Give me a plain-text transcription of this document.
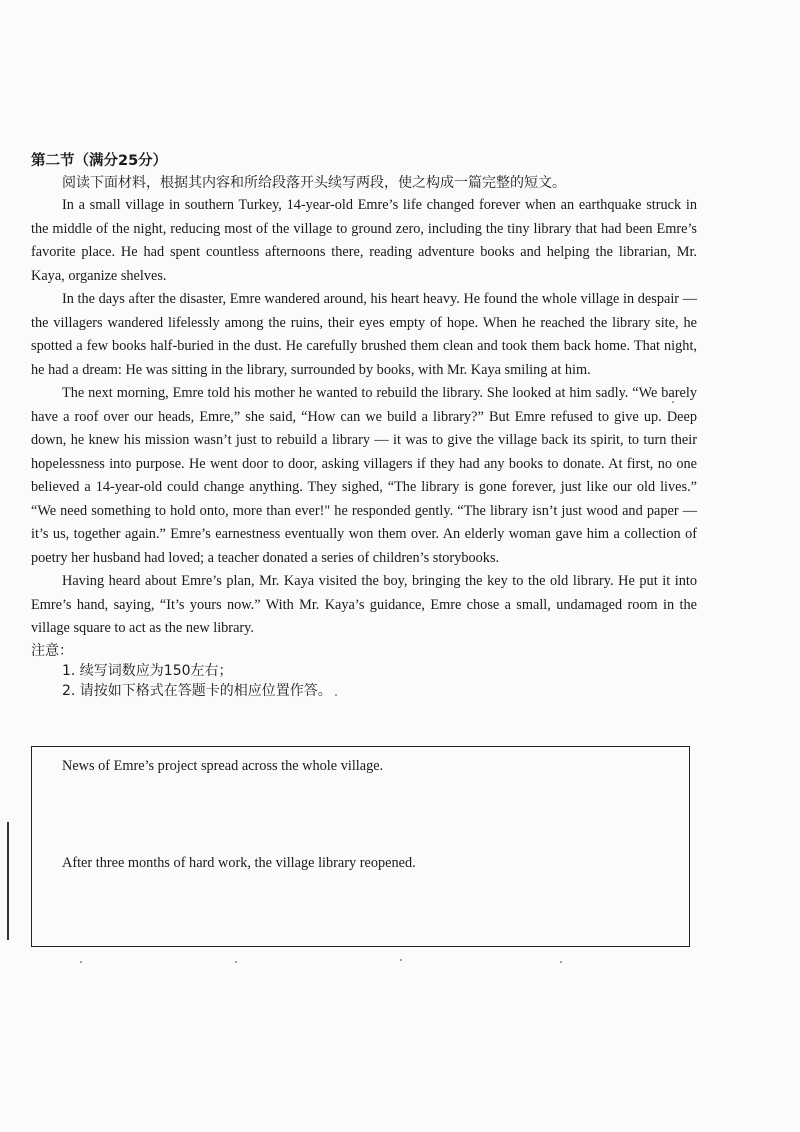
第二节（满分25分）
阅读下面材料，根据其内容和所给段落开头续写两段，使之构成一篇完整的短文。

In a small village in southern Turkey, 14-year-old Emre’s life changed forever when an earthquake struck in the middle of the night, reducing most of the village to ground zero, including the tiny library that had been Emre’s favorite place. He had spent countless afternoons there, reading adventure books and helping the librarian, Mr. Kaya, organize shelves.

In the days after the disaster, Emre wandered around, his heart heavy. He found the whole village in despair — the villagers wandered lifelessly among the ruins, their eyes empty of hope. When he reached the library site, he spotted a few books half-buried in the dust. He carefully brushed them clean and took them back home. That night, he had a dream: He was sitting in the library, surrounded by books, with Mr. Kaya smiling at him.

The next morning, Emre told his mother he wanted to rebuild the library. She looked at him sadly. “We barely have a roof over our heads, Emre,” she said, “How can we build a library?” But Emre refused to give up. Deep down, he knew his mission wasn’t just to rebuild a library — it was to give the village back its spirit, to turn their hopelessness into purpose. He went door to door, asking villagers if they had any books to donate. At first, no one believed a 14-year-old could change anything. They sighed, “The library is gone forever, just like our old lives.” “We need something to hold onto, more than ever!" he responded gently. “The library isn’t just wood and paper — it’s us, together again.” Emre’s earnestness eventually won them over. An elderly woman gave him a collection of poetry her husband had loved; a teacher donated a series of children’s storybooks.

Having heard about Emre’s plan, Mr. Kaya visited the boy, bringing the key to the old library. He put it into Emre’s hand, saying, “It’s yours now.” With Mr. Kaya’s guidance, Emre chose a small, undamaged room in the village square to act as the new library.

注意：
1. 续写词数应为150左右；
2. 请按如下格式在答题卡的相应位置作答。
News of Emre’s project spread across the whole village.
After three months of hard work, the village library reopened.
